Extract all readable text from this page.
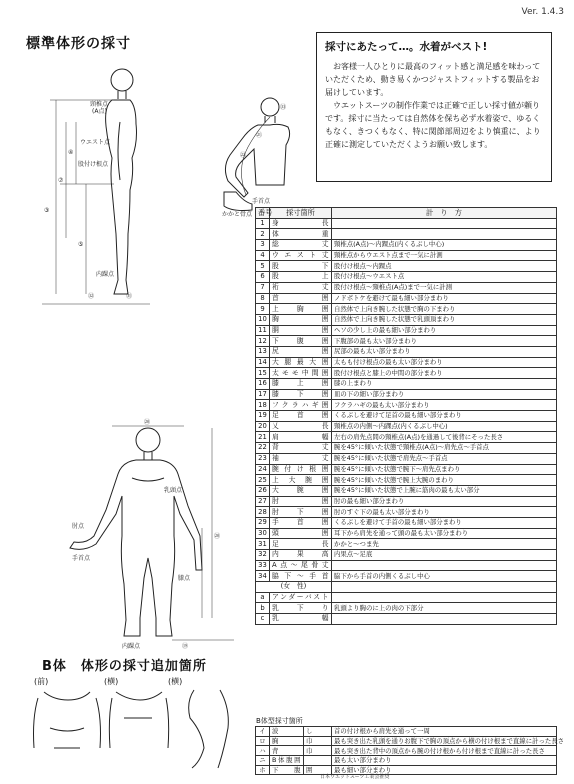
Ver. 1.4.3
標準体形の採寸	採寸にあたって…。水着がベスト!

お客様一人ひとりに最高のフィット感と満足感を味わっていただくため、動き易くかつジャストフィットする製品をお届けしています。

ウエットスーツの制作作業では正確で正しい採寸値が頼りです。採寸に当たっては自然体を保ち必ず水着姿で、ゆるくもなく、きつくもなく、特に関節部周辺をより慎重に、より正確に測定していただくようお願い致します。

頸椎点
(A点)
ウエスト点
股付け根点
内踝点
③
⑦
④
⑤
㉜	㉛
㉝
㉑
㉒
手首点
かかと骨点
⑳
乳頭点
肘点
膝点
手首点
内踝点
⑳
⑲
B体　体形の採寸追加箇所
(前)	(横)	(横)
番号	採寸箇所	計　り　方
1	身長	
2	体重	
3	総丈	頸椎点(A点)～内踝点(内くるぶし中心)
4	ウエスト丈	頸椎点からウエスト点まで一気に計測
5	股下	股付け根点～内踝点
6	股上	股付け根点～ウエスト点
7	裄丈	股付け根点～頸椎点(A点)まで一気に計測
8	首囲	ノドボトケを避けて最も細い部分まわり
9	上胸囲	自然体で上向き腕した状態で胸の下まわり
10	胸囲	自然体で上向き腕した状態で乳頭頂まわり
11	胴囲	ヘソの少し上の最も細い部分まわり
12	下腹囲	下腹部の最も太い部分まわり
13	尻囲	尻部の最も太い部分まわり
14	大腿最大囲	太もも付け根点の最も太い部分まわり
15	太モモ中間囲	股付け根点と膝上の中間の部分まわり
16	膝上囲	膝の上まわり
17	膝下囲	皿の下の細い部分まわり
18	フクラハギ囲	フクラハギの最も太い部分まわり
19	足首囲	くるぶしを避けて足首の最も細い部分まわり
20	乂長	頸椎点の内側～内踝点(内くるぶし中心)
21	肩幅	左右の肩先点間の頸椎点(A点)を通過して後背にそった長さ
22	背丈	腕を45°に傾いた状態で頸椎点(A点)～肩先点～手首点
23	袖丈	腕を45°に傾いた状態で肩先点～手首点
24	腕付け根囲	腕を45°に傾いた状態で腕下～肩先点まわり
25	上大腕囲	腕を45°に傾いた状態で腕上大腕のまわり
26	大腕囲	腕を45°に傾いた状態で上腕に筋肉の最も太い部分
27	肘囲	肘の最も細い部分まわり
28	肘下囲	肘のすぐ下の最も太い部分まわり
29	手首囲	くるぶしを避けて手首の最も細い部分まわり
30	頭囲	耳下から肩先を通って頭の最も太い部分まわり
31	足長	かかと～つま先
32	内果高	内果点～足底
33	A点～尾骨丈	
34	脇下～手首	脇下から手首の内側くるぶし中心
(女　性)		
a	アンダーバスト	
b	乳下り	乳頭より胸のに上の肉の下部分
c	乳幅	
B体型採寸箇所
イ	波	し	首の付け根から肩先を通って一周
ロ	胸	巾	最も突き出た乳頭を通りお腹下で胸の頂点から横の付け根まで直線に計った長さ
ハ	背	巾	最も突き出た背中の頂点から腕の付け根から付け根まで直線に計った長さ
ニ	B体腹囲		最も太い部分まわり
ホ	下腹	囲	最も細い部分まわり
日本ウエットスーツ工業会推奨
